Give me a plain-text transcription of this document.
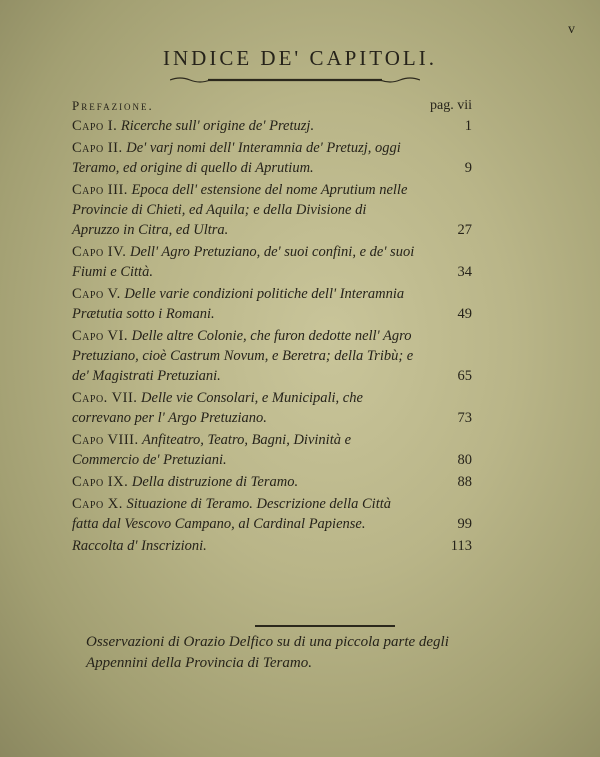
v
INDICE DE' CAPITOLI.
Prefazione.	pag. vii
Capo I. Ricerche sull' origine de' Pretuzj.	1
Capo II. De' varj nomi dell' Interamnia de' Pretuzj, oggi Teramo, ed origine di quello di Aprutium.	9
Capo III. Epoca dell' estensione del nome Aprutium nelle Provincie di Chieti, ed Aquila; e della Divisione di Apruzzo in Citra, ed Ultra.	27
Capo IV. Dell' Agro Pretuziano, de' suoi confini, e de' suoi Fiumi e Città.	34
Capo V. Delle varie condizioni politiche dell' Interamnia Prætutia sotto i Romani.	49
Capo VI. Delle altre Colonie, che furon dedotte nell' Agro Pretuziano, cioè Castrum Novum, e Beretra; della Tribù; e de' Magistrati Pretuziani.	65
Capo. VII. Delle vie Consolari, e Municipali, che correvano per l' Argo Pretuziano.	73
Capo VIII. Anfiteatro, Teatro, Bagni, Divinità e Commercio de' Pretuziani.	80
Capo IX. Della distruzione di Teramo.	88
Capo X. Situazione di Teramo. Descrizione della Città fatta dal Vescovo Campano, al Cardinal Papiense.	99
Raccolta d' Inscrizioni.	113
Osservazioni di Orazio Delfico su di una piccola parte degli Appennini della Provincia di Teramo.
